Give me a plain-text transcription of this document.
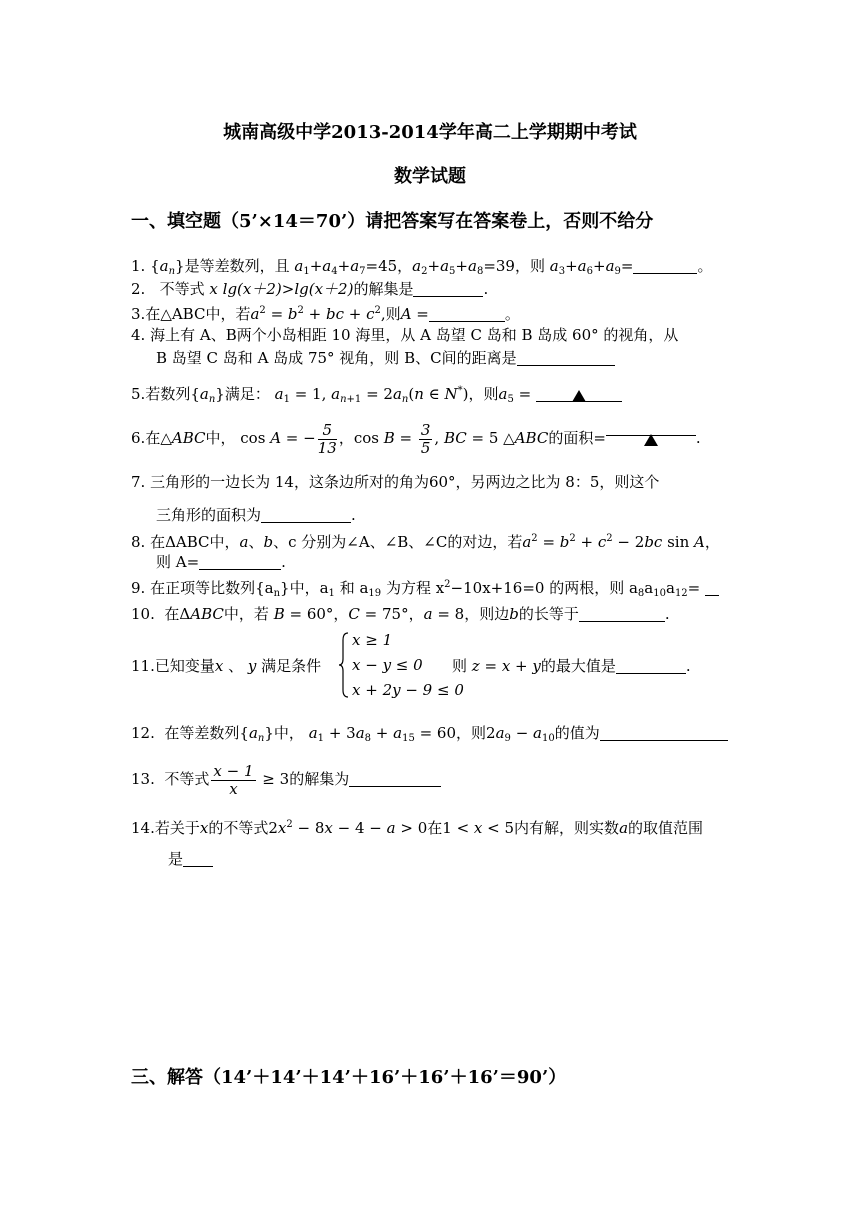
城南高级中学2013-2014学年高二上学期期中考试
数学试题
一、填空题（5’×14＝70’）请把答案写在答案卷上，否则不给分
1. $\{a_n\}$是等差数列，且 $a_1+a_4+a_7=45$，$a_2+a_5+a_8=39$，则 $a_3+a_6+a_9=$	。
2. 不等式 x lg(x＋2)>lg(x＋2)的解集是	.
3.在△ABC中，若$a^2 = b^2$ + bc + $c^2$,则A =	。
4. 海上有 A、B两个小岛相距 10 海里，从 A 岛望 C 岛和 B 岛成 60° 的视角，从
B 岛望 C 岛和 A 岛成 75° 视角，则 B、C间的距离是
5.若数列$\{a_n\}$满足： $a_1 = 1$, $a_{n+1} = 2a_n(n$ ∈ N*)，则$a_5$ =
6.在△ABC中， cos A = − $\frac{5}{13}$ ，$\cos B = \frac{3}{5}$ , BC = 5 △ABC的面积=	.
7. 三角形的一边长为 14，这条边所对的角为60°，另两边之比为 8：5，则这个
三角形的面积为	.
8. 在ΔABC中，a、b、c 分别为∠A、∠B、∠C的对边，若$a^2 = b^2 + c^2 - 2bc$ sin A，
则 A=	.
9. 在正项等比数列$\{a_n\}$中，$a_1$ 和 $a_{19}$ 为方程 $x^2-10x+16=0$ 的两根，则 $a_8a_{10}a_{12}=$
10. 在ΔABC中，若 B = 60°，C = 75°，a = 8，则边b的长等于	.
x ≥ 1
x − y ≤ 0
x + 2y − 9 ≤ 0
11.已知变量x 、 y 满足条件	则 z = x + y的最大值是	.
12. 在等差数列$\{a_n\}$中， $a_1 + 3a_8 + a_{15} = 60$，则$2a_9 - a_{10}$的值为
13. 不等式 $\frac{x - 1}{x} \ge 3$的解集为
14.若关于x的不等式$2x^2 - 8x - 4 - a > 0$在1 < x < 5内有解，则实数a的取值范围
是
三、解答（14’＋14’＋14’＋16’＋16’＋16’＝90’）
